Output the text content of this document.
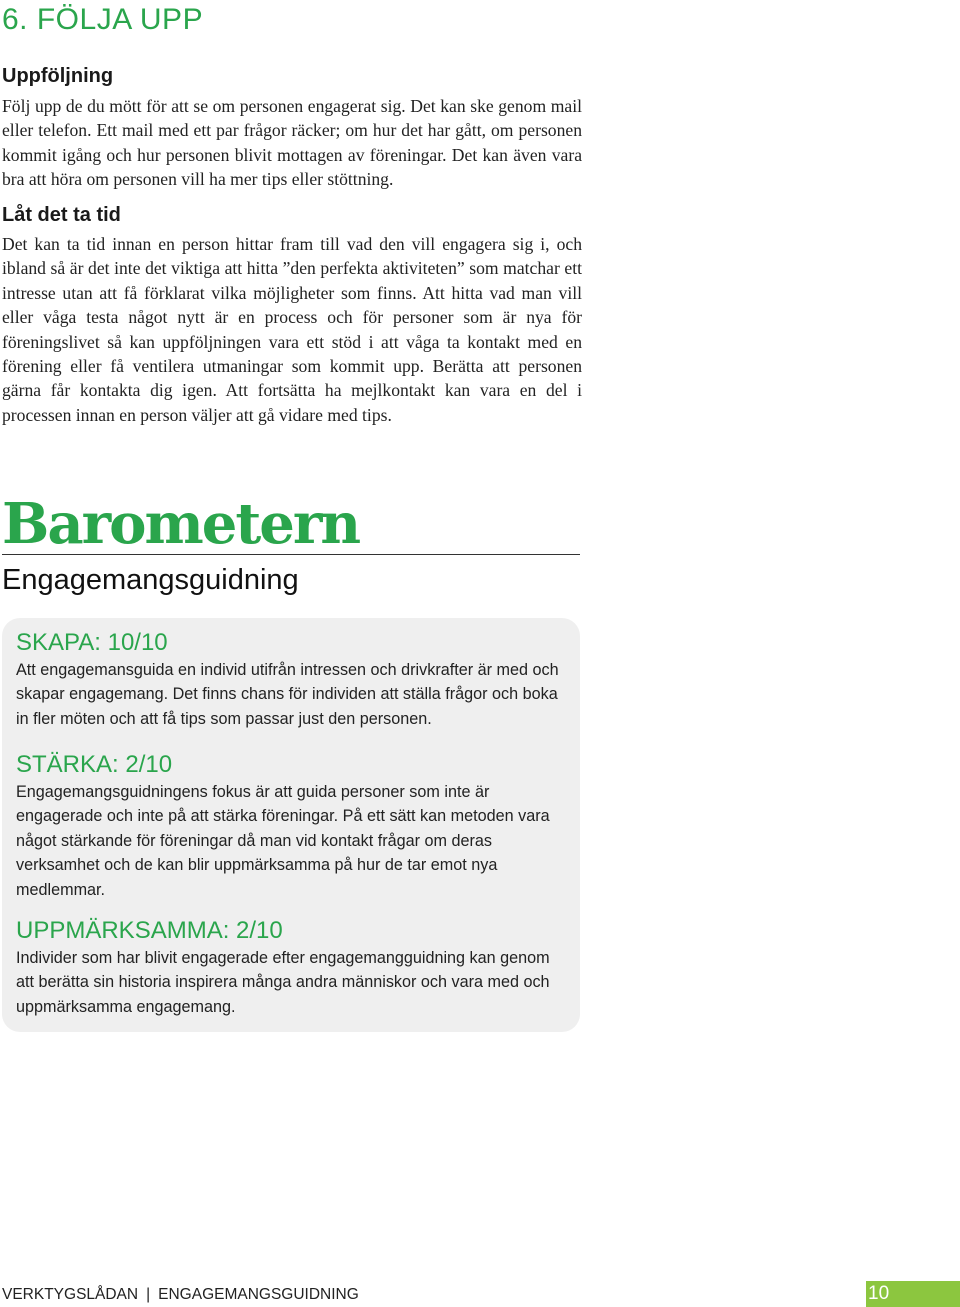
6. FÖLJA UPP
Uppföljning

Följ upp de du mött för att se om personen engagerat sig. Det kan ske genom mail eller telefon. Ett mail med ett par frågor räcker; om hur det har gått, om personen kommit igång och hur personen blivit mottagen av föreningar. Det kan även vara bra att höra om personen vill ha mer tips eller stöttning.

Låt det ta tid

Det kan ta tid innan en person hittar fram till vad den vill engagera sig i, och ibland så är det inte det viktiga att hitta ”den perfekta aktiviteten” som matchar ett intresse utan att få förklarat vilka möjligheter som finns. Att hitta vad man vill eller våga testa något nytt är en process och för personer som är nya för föreningslivet så kan uppföljningen vara ett stöd i att våga ta kontakt med en förening eller få ventilera utmaningar som kommit upp. Berätta att personen gärna får kontakta dig igen. Att fortsätta ha mejlkontakt kan vara en del i processen innan en person väljer att gå vidare med tips.

Barometern
Engagemangsguidning
SKAPA: 10/10

Att engagemansguida en individ utifrån intressen och drivkrafter är med och skapar engagemang. Det finns chans för individen att ställa frågor och boka in fler möten och att få tips som passar just den personen.

STÄRKA: 2/10

Engagemangsguidningens fokus är att guida personer som inte är engagerade och inte på att stärka föreningar. På ett sätt kan metoden vara något stärkande för föreningar då man vid kontakt frågar om deras verksamhet och de kan blir uppmärksamma på hur de tar emot nya medlemmar.

UPPMÄRKSAMMA: 2/10

Individer som har blivit engagerade efter engagemangguidning kan genom att berätta sin historia inspirera många andra människor och vara med och uppmärksamma engagemang.

VERKTYGSLÅDAN | ENGAGEMANGSGUIDNING	10
